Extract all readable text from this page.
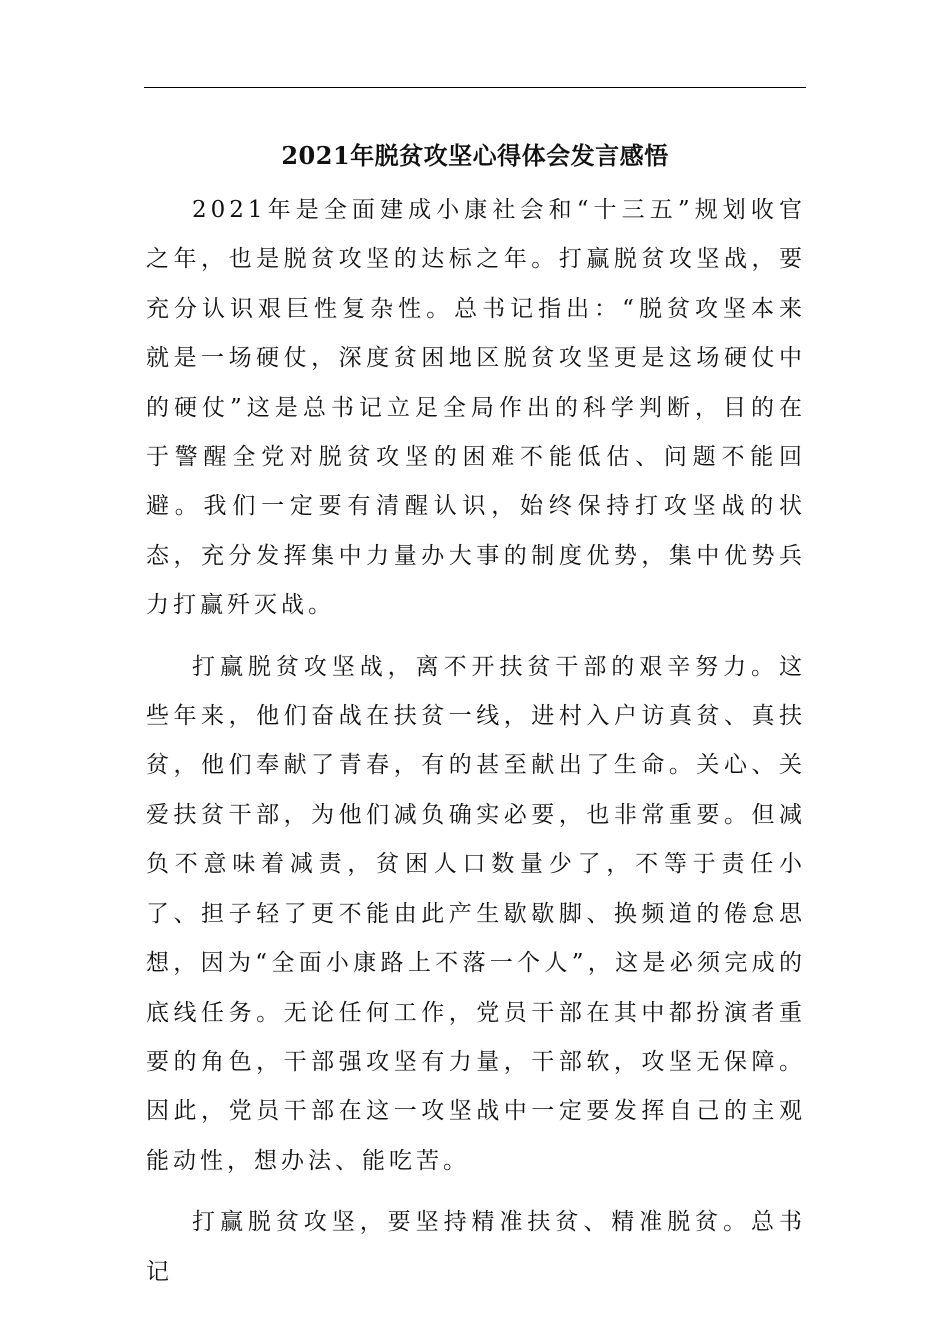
2021年脱贫攻坚心得体会发言感悟

2021年是全面建成小康社会和“十三五”规划收官之年，也是脱贫攻坚的达标之年。打赢脱贫攻坚战，要充分认识艰巨性复杂性。总书记指出：“脱贫攻坚本来就是一场硬仗，深度贫困地区脱贫攻坚更是这场硬仗中的硬仗”这是总书记立足全局作出的科学判断，目的在于警醒全党对脱贫攻坚的困难不能低估、问题不能回避。我们一定要有清醒认识，始终保持打攻坚战的状态，充分发挥集中力量办大事的制度优势，集中优势兵力打赢歼灭战。

打赢脱贫攻坚战，离不开扶贫干部的艰辛努力。这些年来，他们奋战在扶贫一线，进村入户访真贫、真扶贫，他们奉献了青春，有的甚至献出了生命。关心、关爱扶贫干部，为他们减负确实必要，也非常重要。但减负不意味着减责，贫困人口数量少了，不等于责任小了、担子轻了更不能由此产生歇歇脚、换频道的倦怠思想，因为“全面小康路上不落一个人”，这是必须完成的底线任务。无论任何工作，党员干部在其中都扮演者重要的角色，干部强攻坚有力量，干部软，攻坚无保障。因此，党员干部在这一攻坚战中一定要发挥自己的主观能动性，想办法、能吃苦。

打赢脱贫攻坚，要坚持精准扶贫、精准脱贫。总书记
